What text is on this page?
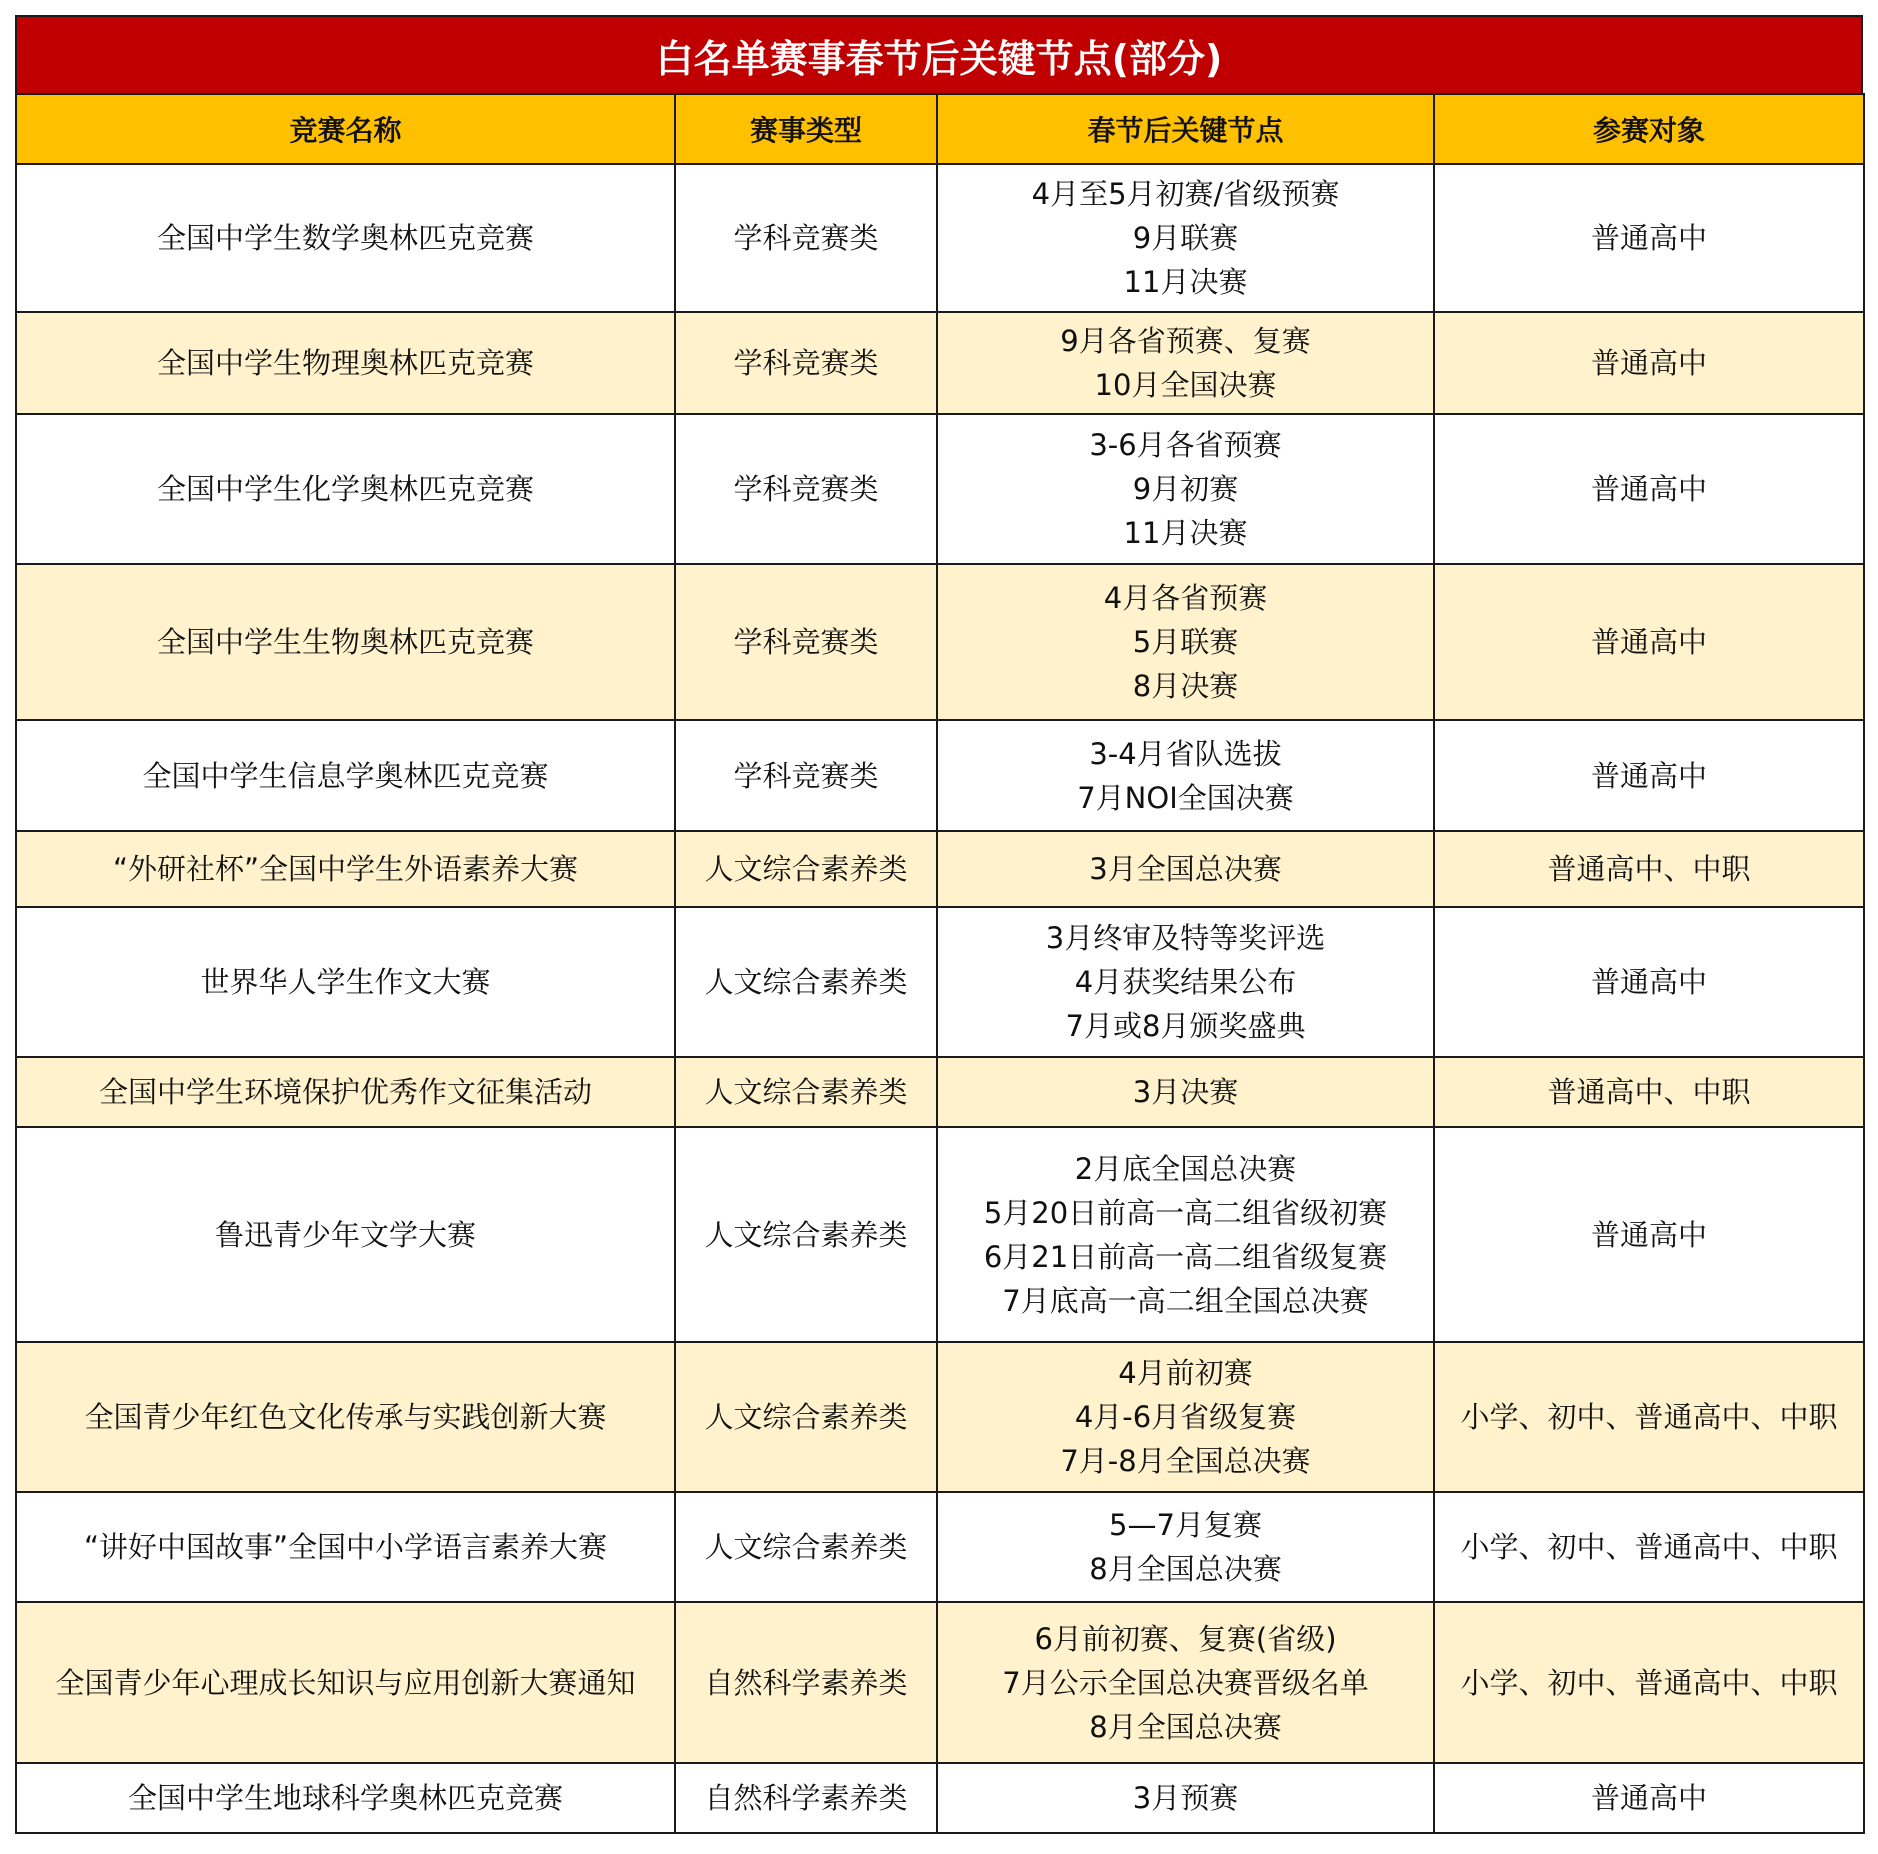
白名单赛事春节后关键节点(部分)
竞赛名称	赛事类型	春节后关键节点	参赛对象
全国中学生数学奥林匹克竞赛	学科竞赛类	4月至5月初赛/省级预赛
9月联赛
11月决赛	普通高中
全国中学生物理奥林匹克竞赛	学科竞赛类	9月各省预赛、复赛
10月全国决赛	普通高中
全国中学生化学奥林匹克竞赛	学科竞赛类	3-6月各省预赛
9月初赛
11月决赛	普通高中
全国中学生生物奥林匹克竞赛	学科竞赛类	4月各省预赛
5月联赛
8月决赛	普通高中
全国中学生信息学奥林匹克竞赛	学科竞赛类	3-4月省队选拔
7月NOI全国决赛	普通高中
“外研社杯”全国中学生外语素养大赛	人文综合素养类	3月全国总决赛	普通高中、中职
世界华人学生作文大赛	人文综合素养类	3月终审及特等奖评选
4月获奖结果公布
7月或8月颁奖盛典	普通高中
全国中学生环境保护优秀作文征集活动	人文综合素养类	3月决赛	普通高中、中职
鲁迅青少年文学大赛	人文综合素养类	2月底全国总决赛
5月20日前高一高二组省级初赛
6月21日前高一高二组省级复赛
7月底高一高二组全国总决赛	普通高中
全国青少年红色文化传承与实践创新大赛	人文综合素养类	4月前初赛
4月-6月省级复赛
7月-8月全国总决赛	小学、初中、普通高中、中职
“讲好中国故事”全国中小学语言素养大赛	人文综合素养类	5—7月复赛
8月全国总决赛	小学、初中、普通高中、中职
全国青少年心理成长知识与应用创新大赛通知	自然科学素养类	6月前初赛、复赛(省级)
7月公示全国总决赛晋级名单
8月全国总决赛	小学、初中、普通高中、中职
全国中学生地球科学奥林匹克竞赛	自然科学素养类	3月预赛	普通高中
